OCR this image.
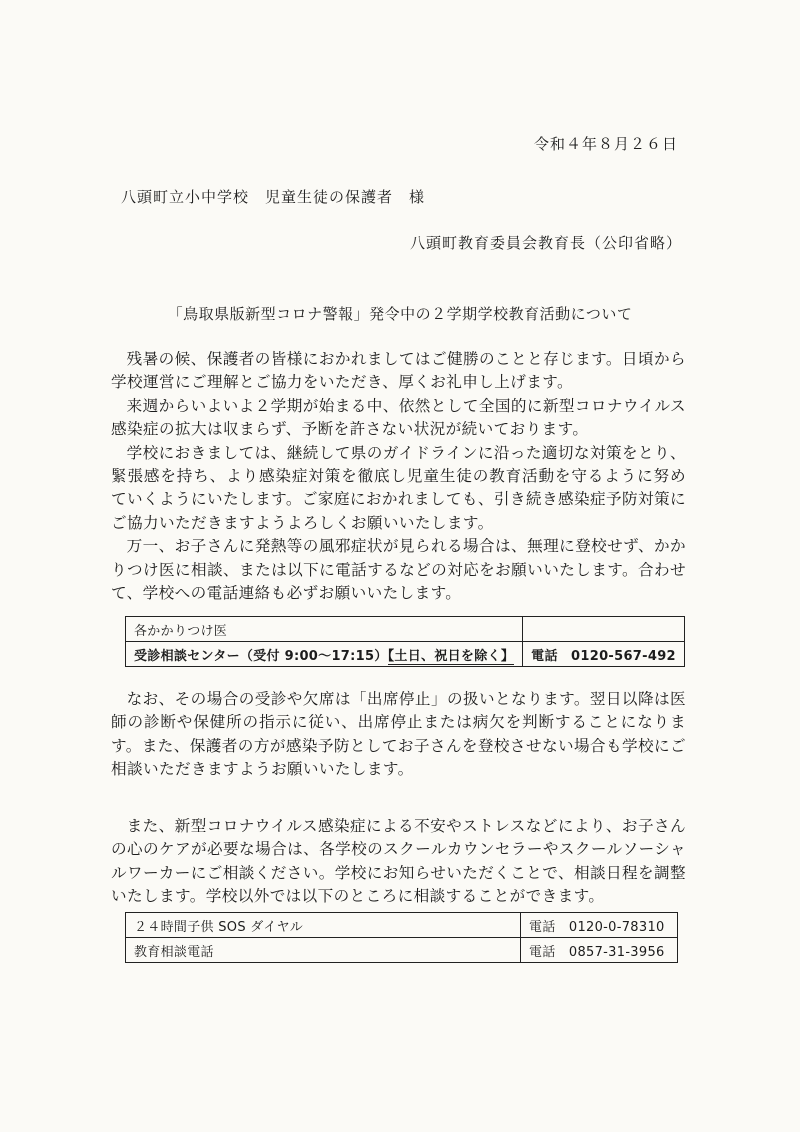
令和４年８月２６日
八頭町立小中学校　児童生徒の保護者　様
八頭町教育委員会教育長（公印省略）
「鳥取県版新型コロナ警報」発令中の２学期学校教育活動について

残暑の候、保護者の皆様におかれましてはご健勝のことと存じます。日頃から学校運営にご理解とご協力をいただき、厚くお礼申し上げます。

来週からいよいよ２学期が始まる中、依然として全国的に新型コロナウイルス感染症の拡大は収まらず、予断を許さない状況が続いております。

学校におきましては、継続して県のガイドラインに沿った適切な対策をとり、緊張感を持ち、より感染症対策を徹底し児童生徒の教育活動を守るように努めていくようにいたします。ご家庭におかれましても、引き続き感染症予防対策にご協力いただきますようよろしくお願いいたします。

万一、お子さんに発熱等の風邪症状が見られる場合は、無理に登校せず、かかりつけ医に相談、または以下に電話するなどの対応をお願いいたします。合わせて、学校への電話連絡も必ずお願いいたします。

各かかりつけ医	
受診相談センター（受付 9:00～17:15）【土日、祝日を除く】	電話　0120-567-492

なお、その場合の受診や欠席は「出席停止」の扱いとなります。翌日以降は医師の診断や保健所の指示に従い、出席停止または病欠を判断することになります。また、保護者の方が感染予防としてお子さんを登校させない場合も学校にご相談いただきますようお願いいたします。

また、新型コロナウイルス感染症による不安やストレスなどにより、お子さんの心のケアが必要な場合は、各学校のスクールカウンセラーやスクールソーシャルワーカーにご相談ください。学校にお知らせいただくことで、相談日程を調整いたします。学校以外では以下のところに相談することができます。

２４時間子供 SOS ダイヤル	電話　0120-0-78310
教育相談電話	電話　0857-31-3956
